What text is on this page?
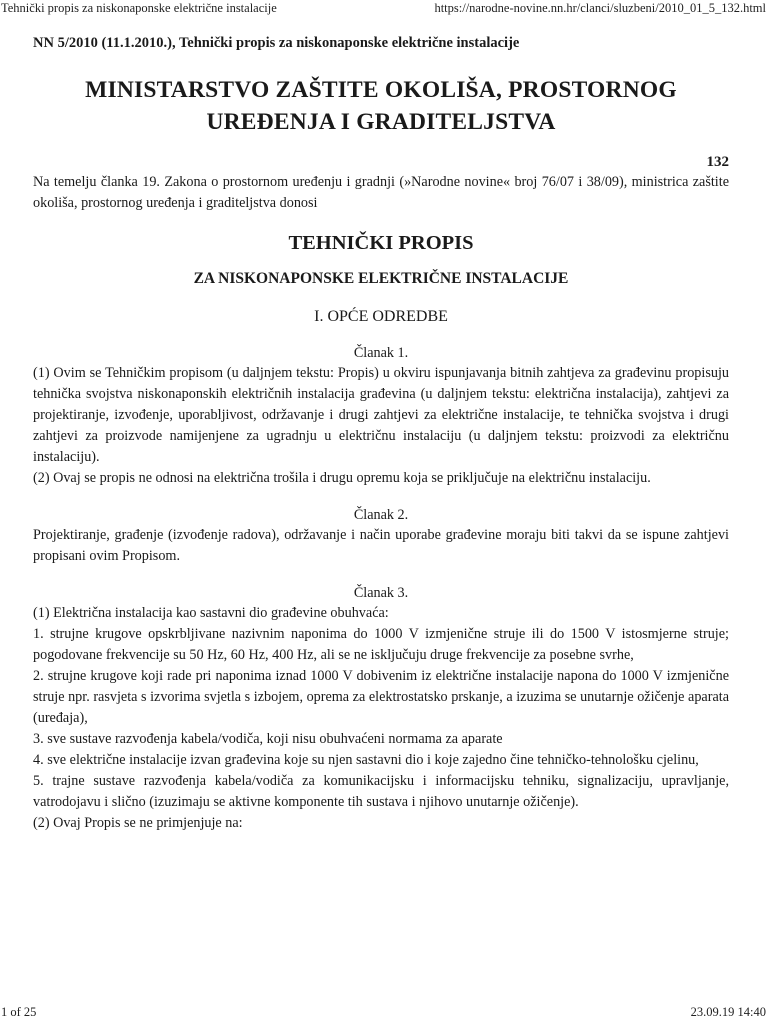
Tehnički propis za niskonaponske električne instalacije	https://narodne-novine.nn.hr/clanci/sluzbeni/2010_01_5_132.html
NN 5/2010 (11.1.2010.), Tehnički propis za niskonaponske električne instalacije
MINISTARSTVO ZAŠTITE OKOLIŠA, PROSTORNOG
UREĐENJA I GRADITELJSTVA
132

Na temelju članka 19. Zakona o prostornom uređenju i gradnji (»Narodne novine« broj 76/07 i 38/09), ministrica zaštite okoliša, prostornog uređenja i graditeljstva donosi

TEHNIČKI PROPIS
ZA NISKONAPONSKE ELEKTRIČNE INSTALACIJE
I. OPĆE ODREDBE
Članak 1.

(1) Ovim se Tehničkim propisom (u daljnjem tekstu: Propis) u okviru ispunjavanja bitnih zahtjeva za građevinu propisuju tehnička svojstva niskonaponskih električnih instalacija građevina (u daljnjem tekstu: električna instalacija), zahtjevi za projektiranje, izvođenje, uporabljivost, održavanje i drugi zahtjevi za električne instalacije, te tehnička svojstva i drugi zahtjevi za proizvode namijenjene za ugradnju u električnu instalaciju (u daljnjem tekstu: proizvodi za električnu instalaciju).

(2) Ovaj se propis ne odnosi na električna trošila i drugu opremu koja se priključuje na električnu instalaciju.

Članak 2.

Projektiranje, građenje (izvođenje radova), održavanje i način uporabe građevine moraju biti takvi da se ispune zahtjevi propisani ovim Propisom.

Članak 3.

(1) Električna instalacija kao sastavni dio građevine obuhvaća:

1. strujne krugove opskrbljivane nazivnim naponima do 1000 V izmjenične struje ili do 1500 V istosmjerne struje; pogodovane frekvencije su 50 Hz, 60 Hz, 400 Hz, ali se ne isključuju druge frekvencije za posebne svrhe,

2. strujne krugove koji rade pri naponima iznad 1000 V dobivenim iz električne instalacije napona do 1000 V izmjenične struje npr. rasvjeta s izvorima svjetla s izbojem, oprema za elektrostatsko prskanje, a izuzima se unutarnje ožičenje aparata (uređaja),

3. sve sustave razvođenja kabela/vodiča, koji nisu obuhvaćeni normama za aparate

4. sve električne instalacije izvan građevina koje su njen sastavni dio i koje zajedno čine tehničko-tehnološku cjelinu,

5. trajne sustave razvođenja kabela/vodiča za komunikacijsku i informacijsku tehniku, signalizaciju, upravljanje, vatrodojavu i slično (izuzimaju se aktivne komponente tih sustava i njihovo unutarnje ožičenje).

(2) Ovaj Propis se ne primjenjuje na:

1 of 25	23.09.19 14:40
